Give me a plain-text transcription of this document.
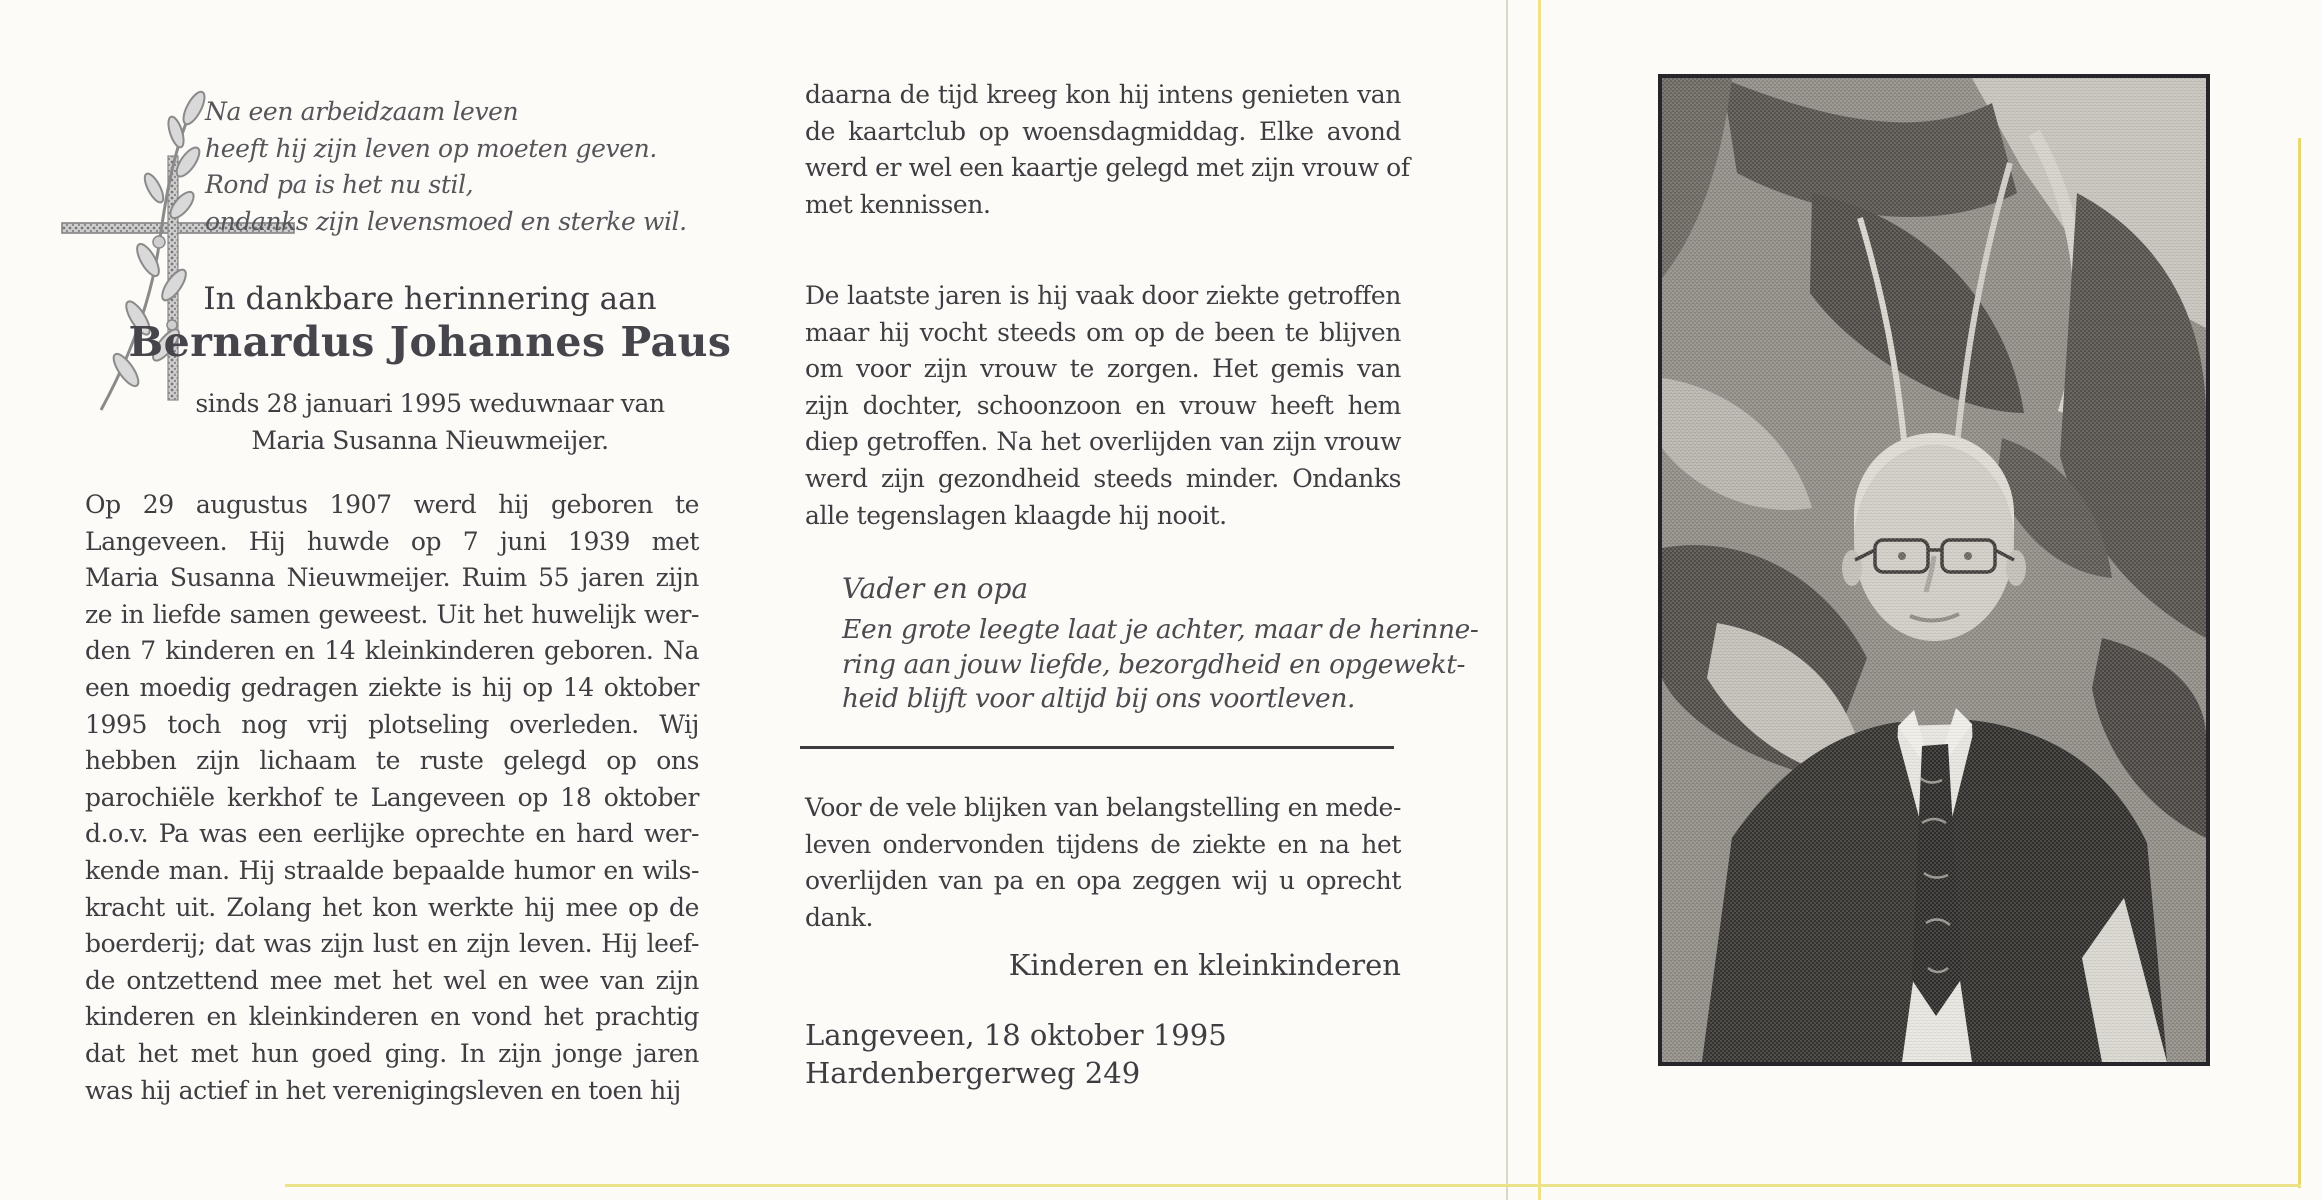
Na een arbeidzaam leven
heeft hij zijn leven op moeten geven.
Rond pa is het nu stil,
ondanks zijn levensmoed en sterke wil.
In dankbare herinnering aan
Bernardus Johannes Paus
sinds 28 januari 1995 weduwnaar van
Maria Susanna Nieuwmeijer.
Op 29 augustus 1907 werd hij geboren te
Langeveen. Hij huwde op 7 juni 1939 met
Maria Susanna Nieuwmeijer. Ruim 55 jaren zijn
ze in liefde samen geweest. Uit het huwelijk wer-
den 7 kinderen en 14 kleinkinderen geboren. Na
een moedig gedragen ziekte is hij op 14 oktober
1995 toch nog vrij plotseling overleden. Wij
hebben zijn lichaam te ruste gelegd op ons
parochiële kerkhof te Langeveen op 18 oktober
d.o.v. Pa was een eerlijke oprechte en hard wer-
kende man. Hij straalde bepaalde humor en wils-
kracht uit. Zolang het kon werkte hij mee op de
boerderij; dat was zijn lust en zijn leven. Hij leef-
de ontzettend mee met het wel en wee van zijn
kinderen en kleinkinderen en vond het prachtig
dat het met hun goed ging. In zijn jonge jaren
was hij actief in het verenigingsleven en toen hij
daarna de tijd kreeg kon hij intens genieten van
de kaartclub op woensdagmiddag. Elke avond
werd er wel een kaartje gelegd met zijn vrouw of
met kennissen.
De laatste jaren is hij vaak door ziekte getroffen
maar hij vocht steeds om op de been te blijven
om voor zijn vrouw te zorgen. Het gemis van
zijn dochter, schoonzoon en vrouw heeft hem
diep getroffen. Na het overlijden van zijn vrouw
werd zijn gezondheid steeds minder. Ondanks
alle tegenslagen klaagde hij nooit.
Vader en opa
Een grote leegte laat je achter, maar de herinne-
ring aan jouw liefde, bezorgdheid en opgewekt-
heid blijft voor altijd bij ons voortleven.
Voor de vele blijken van belangstelling en mede-
leven ondervonden tijdens de ziekte en na het
overlijden van pa en opa zeggen wij u oprecht
dank.
Kinderen en kleinkinderen
Langeveen, 18 oktober 1995
Hardenbergerweg 249
